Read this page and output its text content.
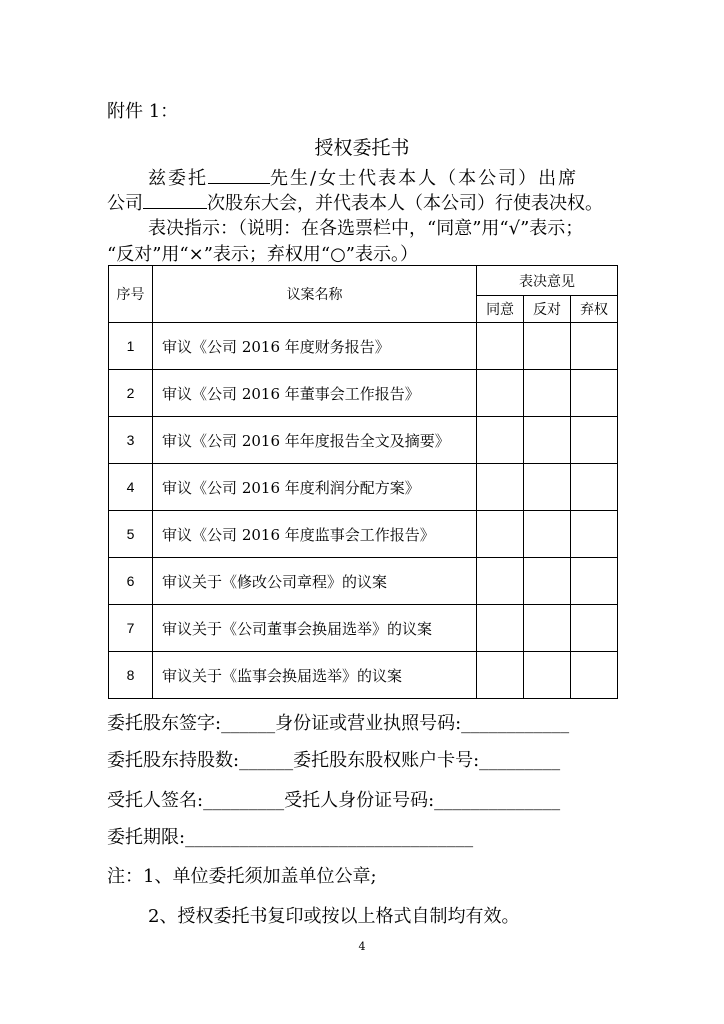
附件 1：
授权委托书
兹委托	先生/女士代表本人（本公司）出席
公司	次股东大会，并代表本人（本公司）行使表决权。
表决指示：（说明：在各选票栏中，“同意”用“√”表示；
“反对”用“×”表示；弃权用“○”表示。）
序号	议案名称	表决意见		
		同意	反对	弃权
1	审议《公司 2016 年度财务报告》			
2	审议《公司 2016 年董事会工作报告》			
3	审议《公司 2016 年年度报告全文及摘要》			
4	审议《公司 2016 年度利润分配方案》			
5	审议《公司 2016 年度监事会工作报告》			
6	审议关于《修改公司章程》的议案			
7	审议关于《公司董事会换届选举》的议案			
8	审议关于《监事会换届选举》的议案			
委托股东签字:______身份证或营业执照号码:____________
委托股东持股数:______委托股东股权账户卡号:_________
受托人签名:_________受托人身份证号码:______________
委托期限:________________________________
注：1、单位委托须加盖单位公章;
2、授权委托书复印或按以上格式自制均有效。
4
